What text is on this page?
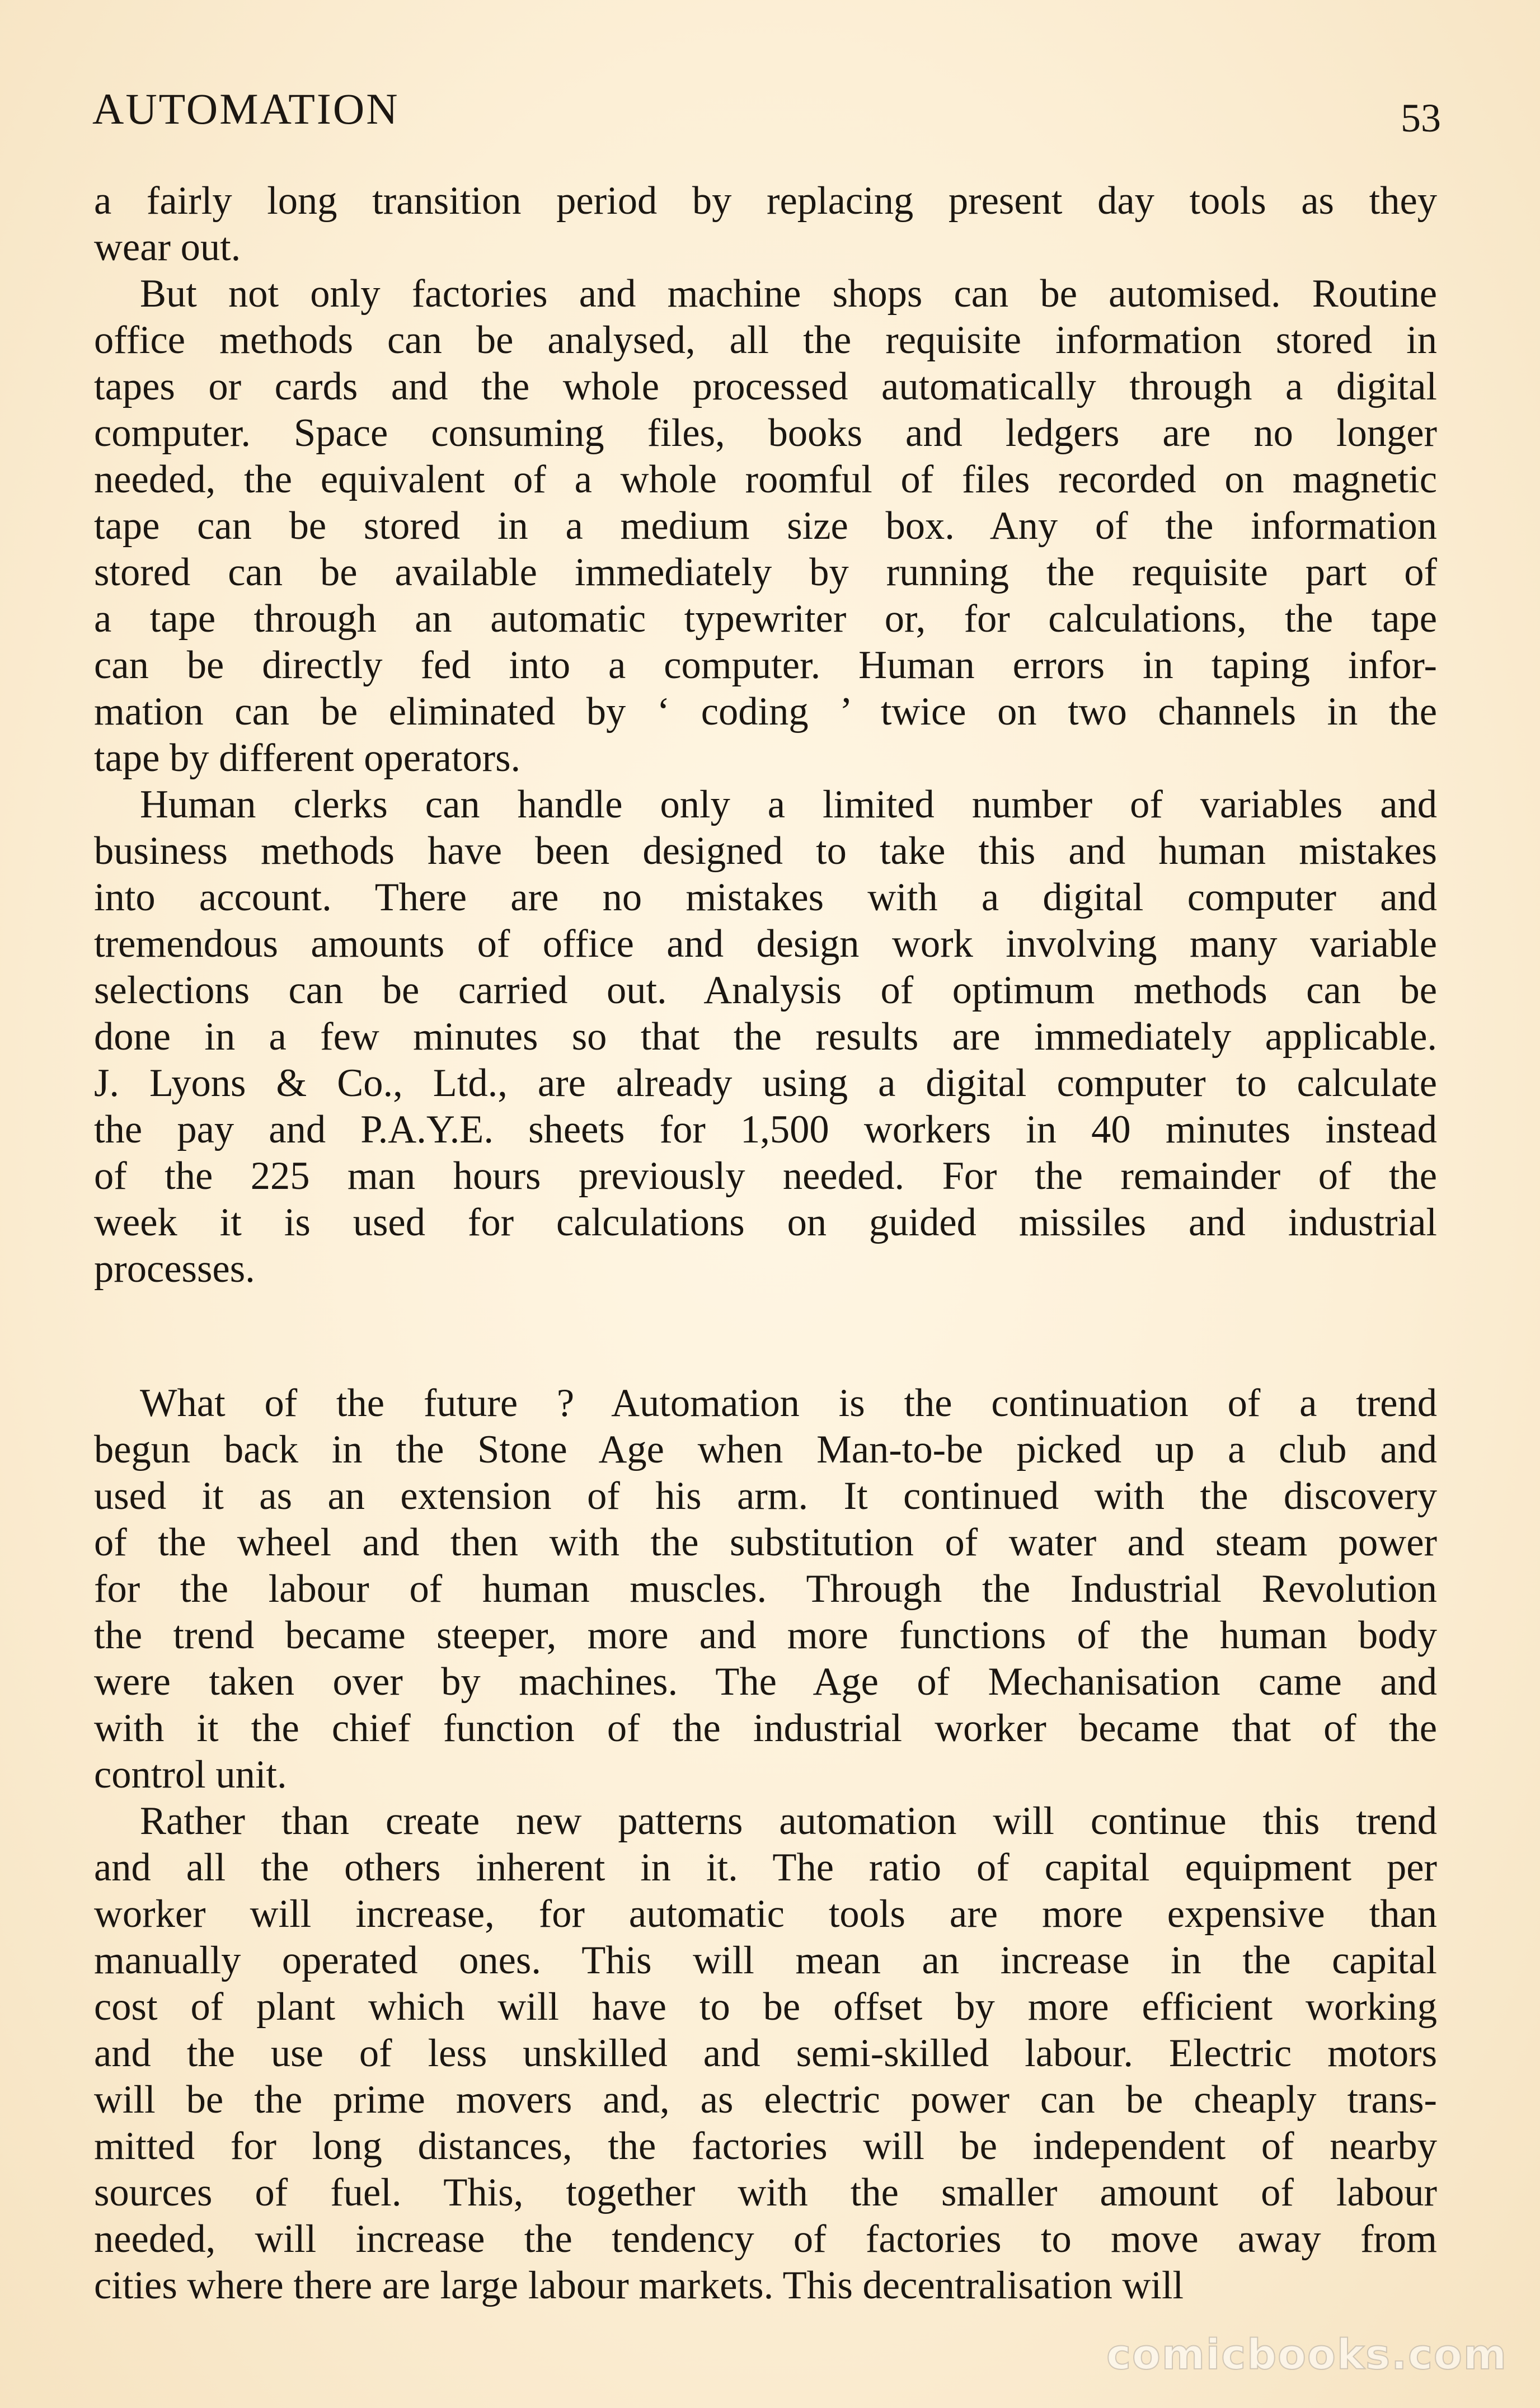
AUTOMATION	53
a fairly long transition period by replacing present day tools as they
wear out.
But not only factories and machine shops can be automised. Routine
office methods can be analysed, all the requisite information stored in
tapes or cards and the whole processed automatically through a digital
computer. Space consuming files, books and ledgers are no longer
needed, the equivalent of a whole roomful of files recorded on magnetic
tape can be stored in a medium size box. Any of the information
stored can be available immediately by running the requisite part of
a tape through an automatic typewriter or, for calculations, the tape
can be directly fed into a computer. Human errors in taping infor-
mation can be eliminated by ‘ coding ’ twice on two channels in the
tape by different operators.
Human clerks can handle only a limited number of variables and
business methods have been designed to take this and human mistakes
into account. There are no mistakes with a digital computer and
tremendous amounts of office and design work involving many variable
selections can be carried out. Analysis of optimum methods can be
done in a few minutes so that the results are immediately applicable.
J. Lyons & Co., Ltd., are already using a digital computer to calculate
the pay and P.A.Y.E. sheets for 1,500 workers in 40 minutes instead
of the 225 man hours previously needed. For the remainder of the
week it is used for calculations on guided missiles and industrial
processes.
What of the future ? Automation is the continuation of a trend
begun back in the Stone Age when Man-to-be picked up a club and
used it as an extension of his arm. It continued with the discovery
of the wheel and then with the substitution of water and steam power
for the labour of human muscles. Through the Industrial Revolution
the trend became steeper, more and more functions of the human body
were taken over by machines. The Age of Mechanisation came and
with it the chief function of the industrial worker became that of the
control unit.
Rather than create new patterns automation will continue this trend
and all the others inherent in it. The ratio of capital equipment per
worker will increase, for automatic tools are more expensive than
manually operated ones. This will mean an increase in the capital
cost of plant which will have to be offset by more efficient working
and the use of less unskilled and semi-skilled labour. Electric motors
will be the prime movers and, as electric power can be cheaply trans-
mitted for long distances, the factories will be independent of nearby
sources of fuel. This, together with the smaller amount of labour
needed, will increase the tendency of factories to move away from
cities where there are large labour markets. This decentralisation will
comicbooks.com
